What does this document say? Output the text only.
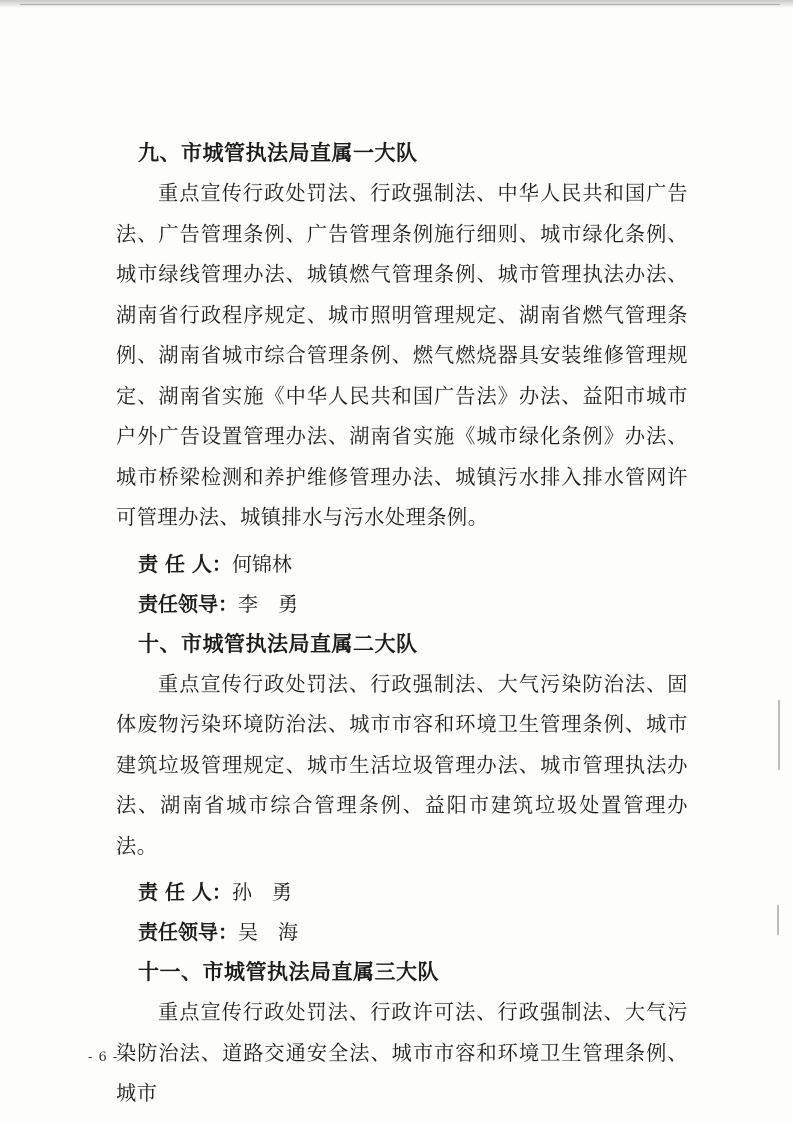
九、市城管执法局直属一大队

重点宣传行政处罚法、行政强制法、中华人民共和国广告法、广告管理条例、广告管理条例施行细则、城市绿化条例、城市绿线管理办法、城镇燃气管理条例、城市管理执法办法、湖南省行政程序规定、城市照明管理规定、湖南省燃气管理条例、湖南省城市综合管理条例、燃气燃烧器具安装维修管理规定、湖南省实施《中华人民共和国广告法》办法、益阳市城市户外广告设置管理办法、湖南省实施《城市绿化条例》办法、城市桥梁检测和养护维修管理办法、城镇污水排入排水管网许可管理办法、城镇排水与污水处理条例。

责 任 人：何锦林
责任领导：李　勇
十、市城管执法局直属二大队

重点宣传行政处罚法、行政强制法、大气污染防治法、固体废物污染环境防治法、城市市容和环境卫生管理条例、城市建筑垃圾管理规定、城市生活垃圾管理办法、城市管理执法办法、湖南省城市综合管理条例、益阳市建筑垃圾处置管理办法。

责 任 人：孙　勇
责任领导：吴　海
十一、市城管执法局直属三大队

重点宣传行政处罚法、行政许可法、行政强制法、大气污染防治法、道路交通安全法、城市市容和环境卫生管理条例、城市

- 6 -
